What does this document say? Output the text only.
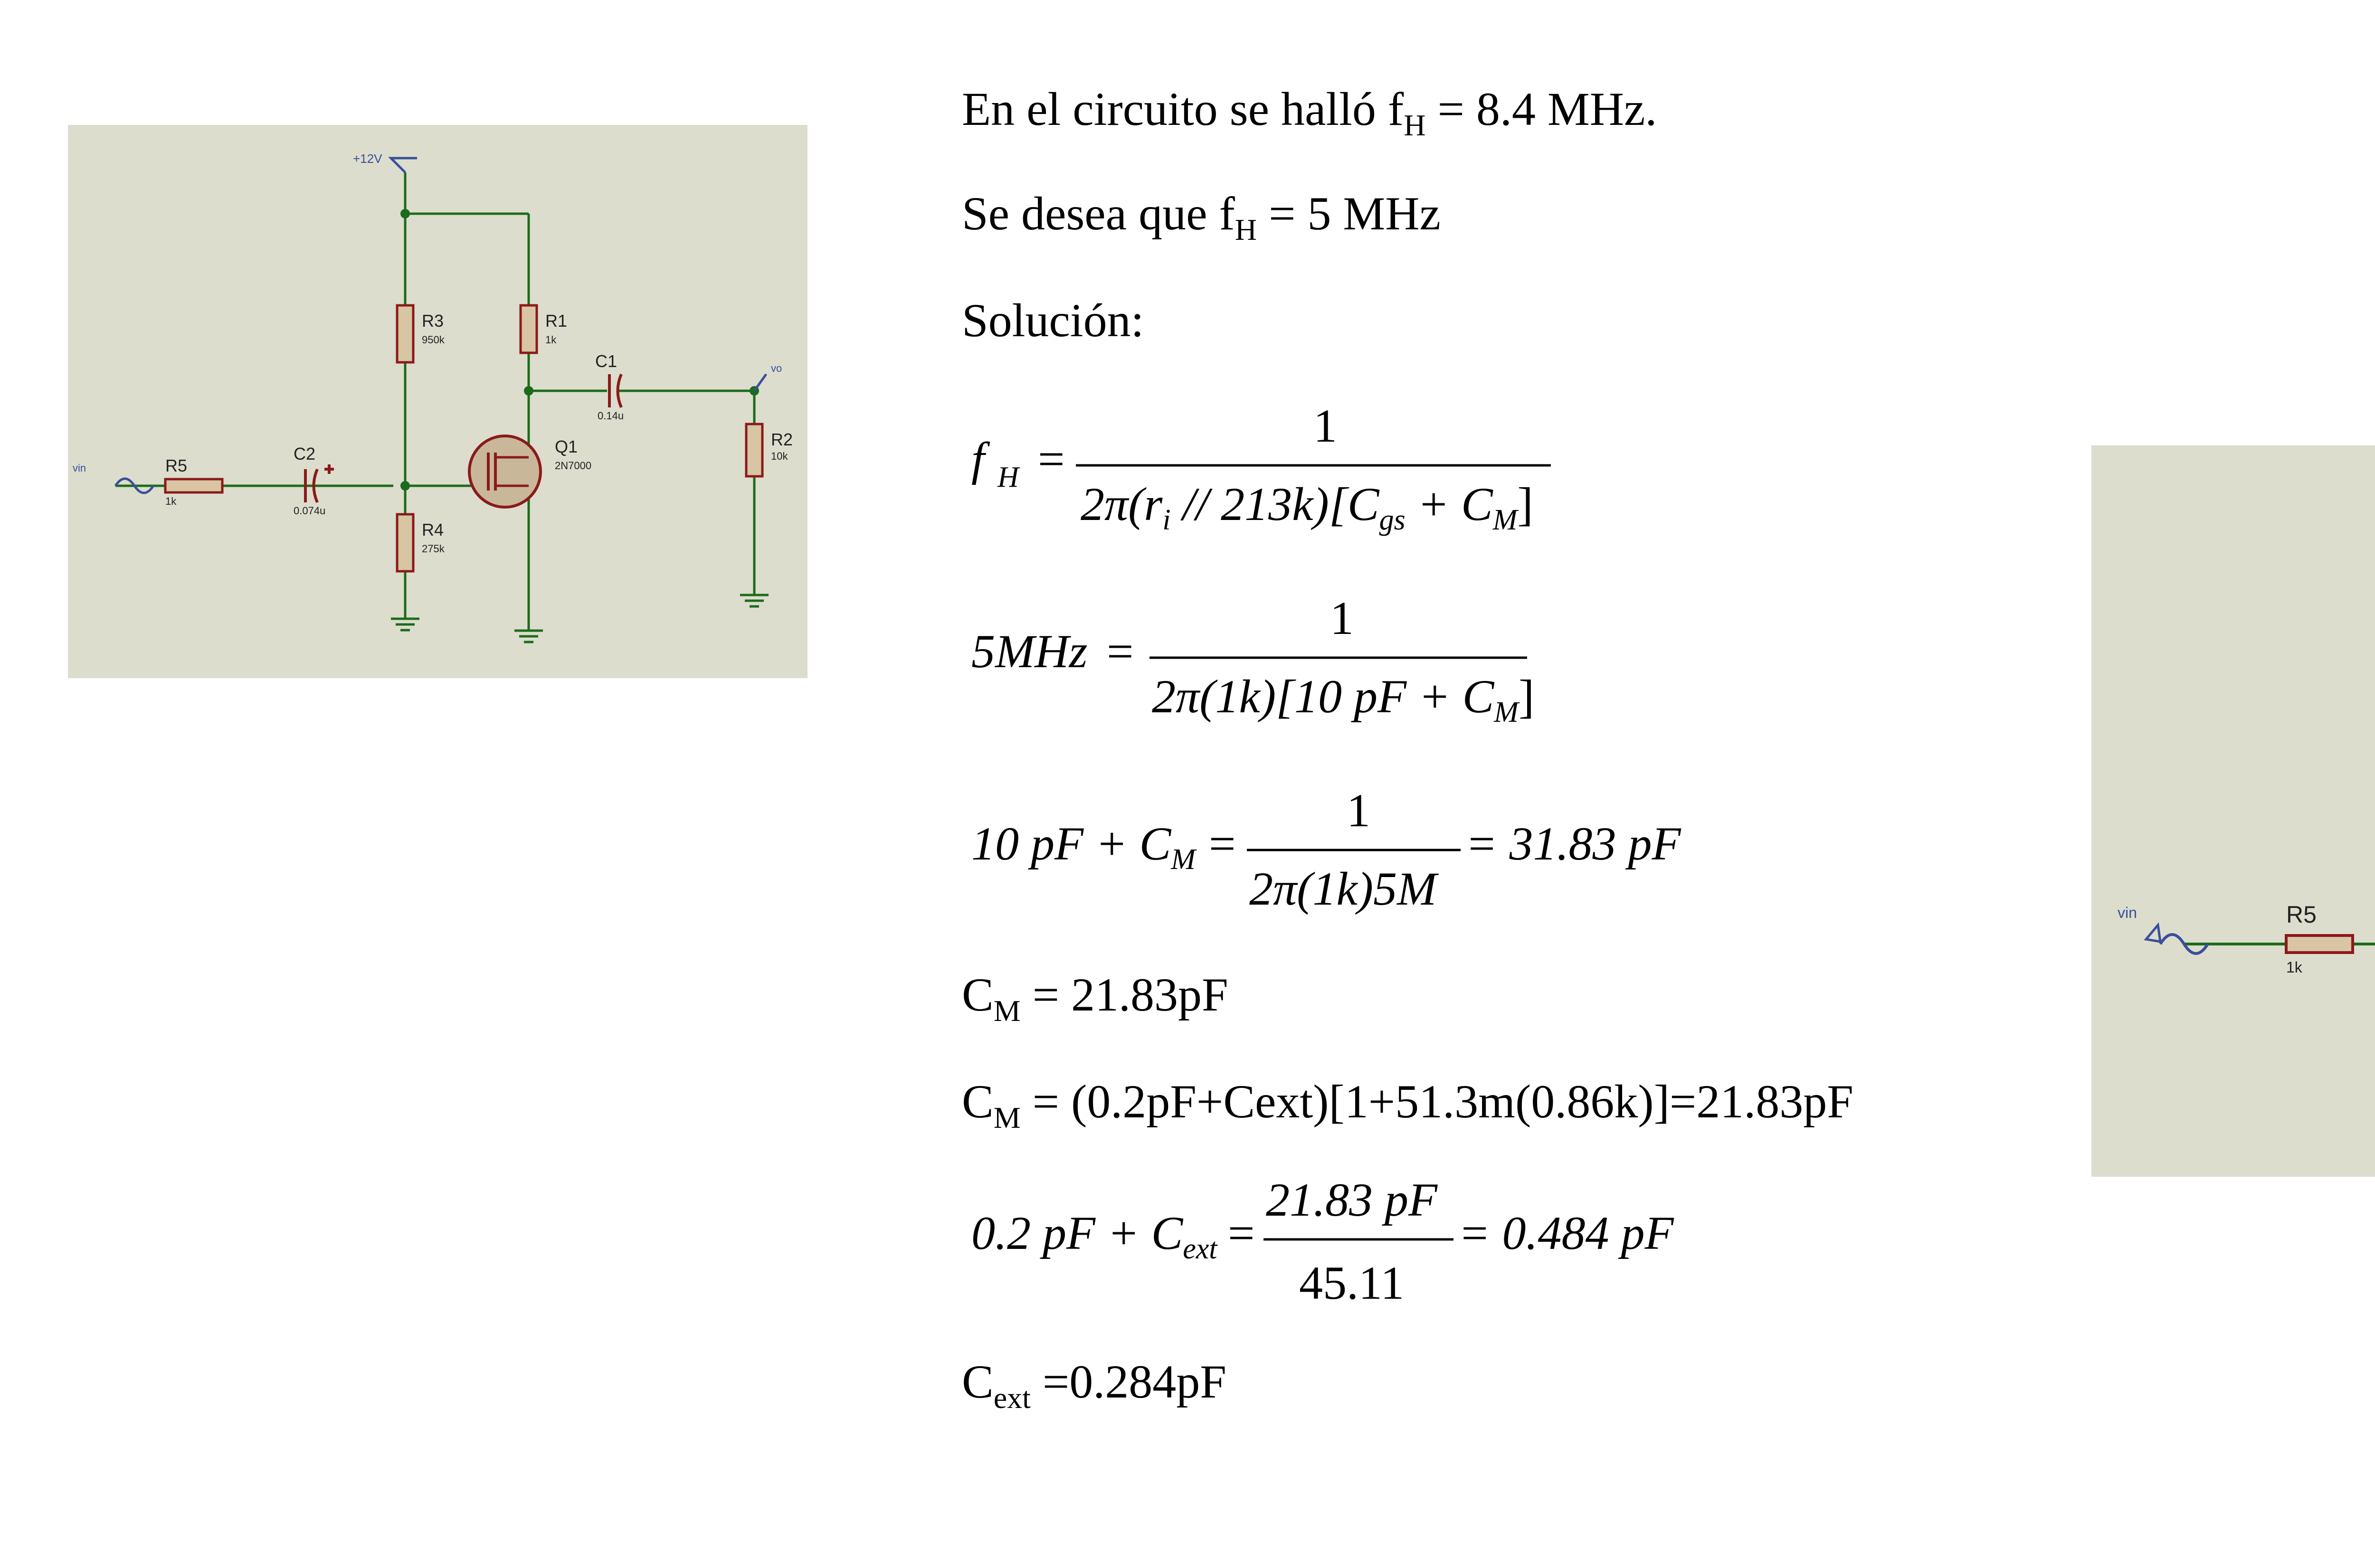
+12V
R3
950k
R1
1k
C1
0.14u
vo
Q1
2N7000
R2
10k
vin	R5
1k
C2
0.074u
R4
275k
En el circuito se halló $f_H = 8.4$ MHz.
Se desea que $f_H = 5$ MHz
Solución:
f H =
1
$2\pi(r_i // 213k)[C_{gs} + C_M]$
5MHz =
1
2π(1k)[10 pF + $C_M$]
10 pF + $C_M$ =
1
2π(1k)5M
= 31.83 pF
$C_M = 21.83pF$
$C_M$ = (0.2pF+Cext)[1+51.3m(0.86k)]=21.83pF
0.2 pF + $C_{ext}$ =
21.83 pF
45.11
= 0.484 pF
$C_{ext} =0.284pF$
vin	R5
1k
